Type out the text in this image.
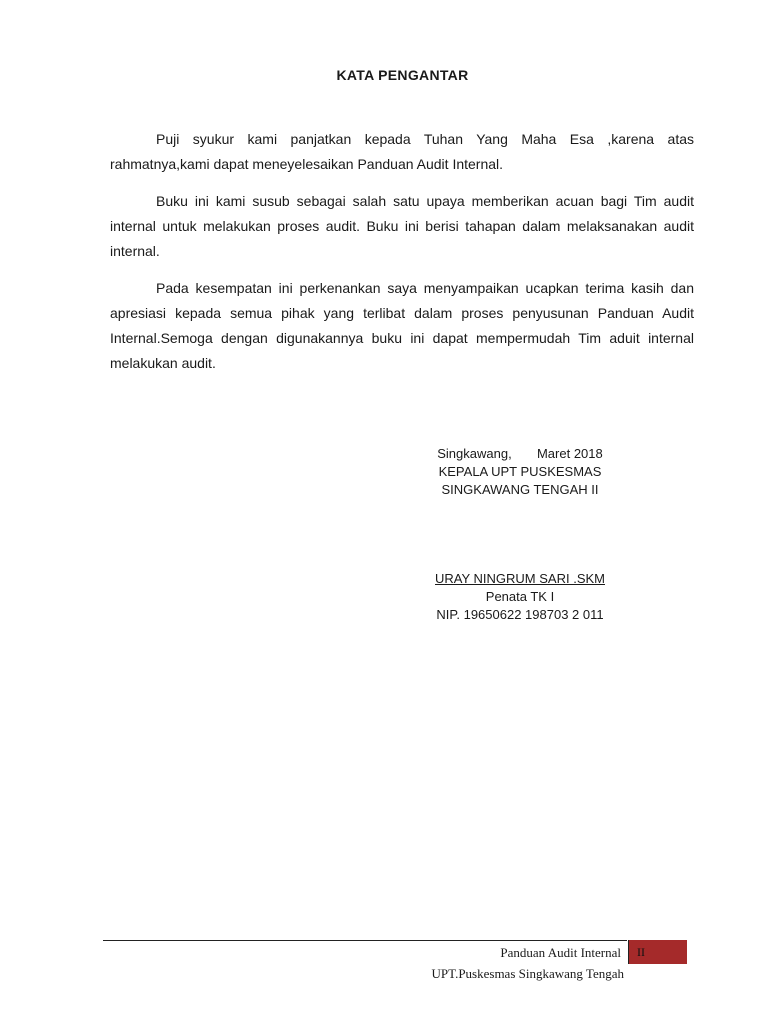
KATA PENGANTAR

Puji syukur kami panjatkan kepada Tuhan Yang Maha Esa ,karena atas rahmatnya,kami dapat meneyelesaikan Panduan Audit Internal.

Buku ini kami susub sebagai salah satu upaya memberikan acuan bagi Tim audit internal untuk melakukan proses audit. Buku ini berisi tahapan dalam melaksanakan audit internal.

Pada kesempatan ini perkenankan saya menyampaikan ucapkan terima kasih dan apresiasi kepada semua pihak yang terlibat dalam proses penyusunan Panduan Audit Internal.Semoga dengan digunakannya buku ini dapat mempermudah Tim aduit internal melakukan audit.

Singkawang,       Maret 2018
KEPALA UPT PUSKESMAS
SINGKAWANG TENGAH II
URAY NINGRUM SARI .SKM
Penata TK I
NIP. 19650622 198703 2 011
Panduan Audit Internal	II
UPT.Puskesmas Singkawang Tengah
